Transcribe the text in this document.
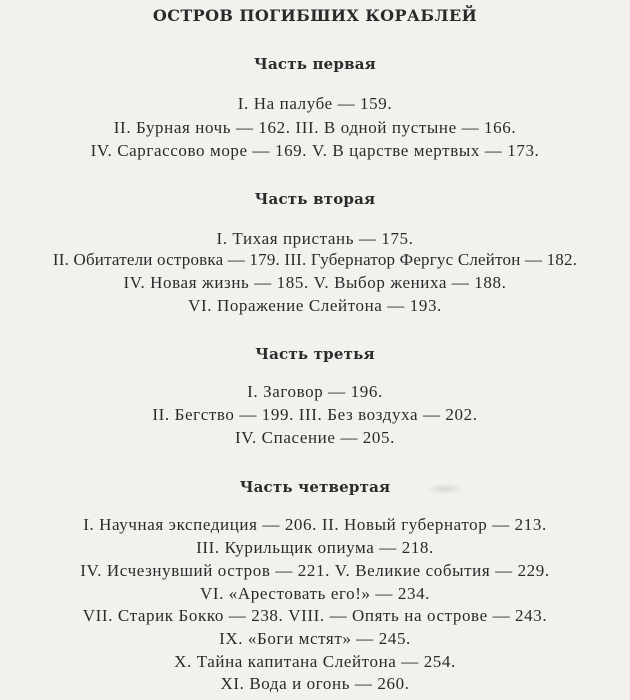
ОСТРОВ ПОГИБШИХ КОРАБЛЕЙ
Часть первая
I. На палубе — 159.
II. Бурная ночь — 162. III. В одной пустыне — 166.
IV. Саргассово море — 169. V. В царстве мертвых — 173.
Часть вторая
I. Тихая пристань — 175.
II. Обитатели островка — 179. III. Губернатор Фергус Слейтон — 182.
IV. Новая жизнь — 185. V. Выбор жениха — 188.
VI. Поражение Слейтона — 193.
Часть третья
I. Заговор — 196.
II. Бегство — 199. III. Без воздуха — 202.
IV. Спасение — 205.
Часть четвертая
I. Научная экспедиция — 206. II. Новый губернатор — 213.
III. Курильщик опиума — 218.
IV. Исчезнувший остров — 221. V. Великие события — 229.
VI. «Арестовать его!» — 234.
VII. Старик Бокко — 238. VIII. — Опять на острове — 243.
IX. «Боги мстят» — 245.
X. Тайна капитана Слейтона — 254.
XI. Вода и огонь — 260.
